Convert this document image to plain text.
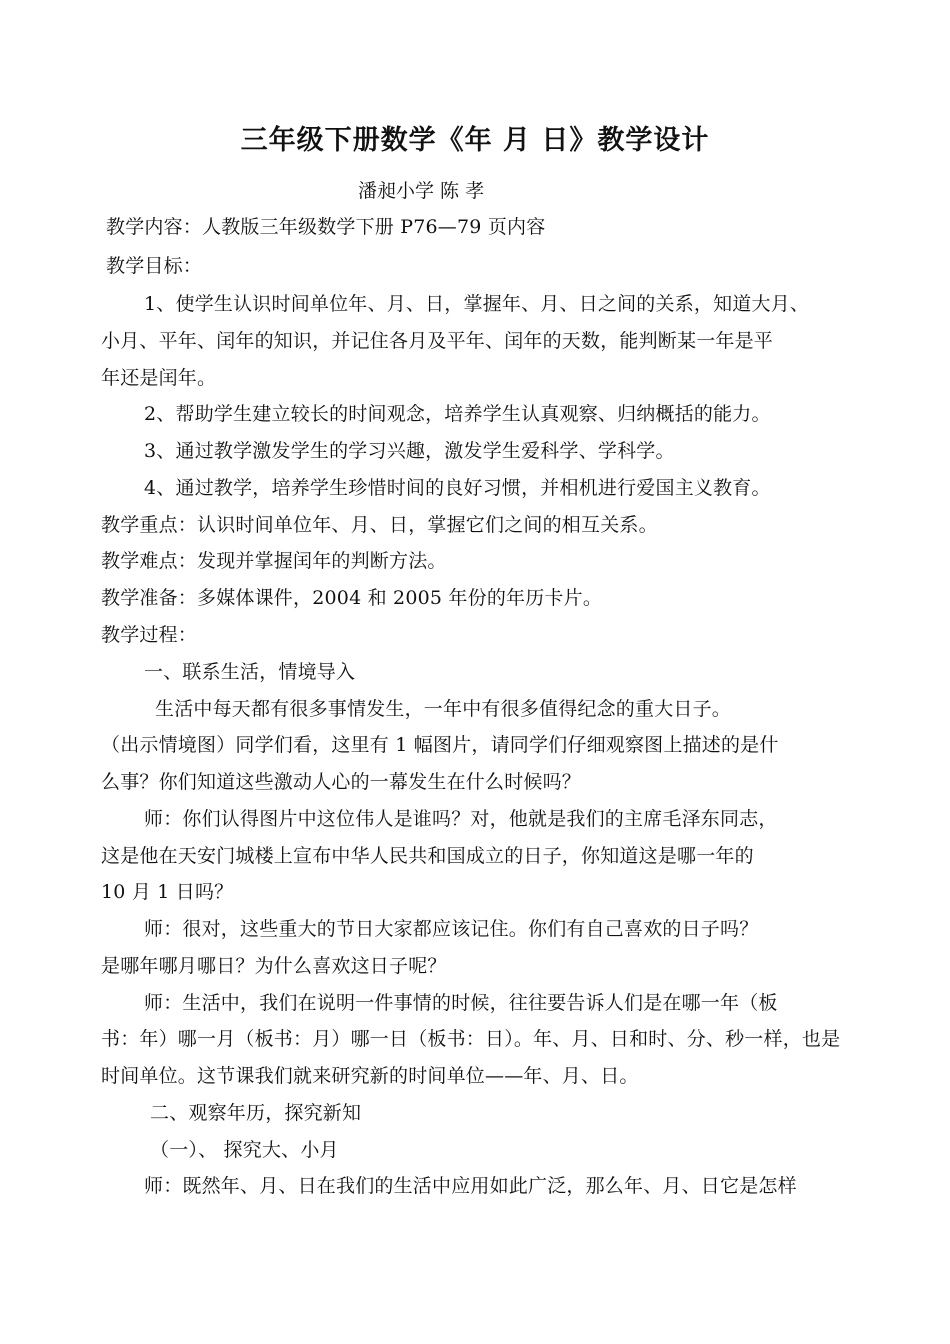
三年级下册数学《年 月 日》教学设计
潘昶小学 陈 孝
教学内容：人教版三年级数学下册 P76—79 页内容
教学目标：
1、使学生认识时间单位年、月、日，掌握年、月、日之间的关系，知道大月、
小月、平年、闰年的知识，并记住各月及平年、闰年的天数，能判断某一年是平
年还是闰年。
2、帮助学生建立较长的时间观念，培养学生认真观察、归纳概括的能力。
3、通过教学激发学生的学习兴趣，激发学生爱科学、学科学。
4、通过教学，培养学生珍惜时间的良好习惯，并相机进行爱国主义教育。
教学重点：认识时间单位年、月、日，掌握它们之间的相互关系。
教学难点：发现并掌握闰年的判断方法。
教学准备：多媒体课件，2004 和 2005 年份的年历卡片。
教学过程：
一、联系生活，情境导入
生活中每天都有很多事情发生，一年中有很多值得纪念的重大日子。
（出示情境图）同学们看，这里有 1 幅图片，请同学们仔细观察图上描述的是什
么事？你们知道这些激动人心的一幕发生在什么时候吗？
师：你们认得图片中这位伟人是谁吗？对，他就是我们的主席毛泽东同志，
这是他在天安门城楼上宣布中华人民共和国成立的日子，你知道这是哪一年的
10 月 1 日吗？
师：很对，这些重大的节日大家都应该记住。你们有自己喜欢的日子吗？
是哪年哪月哪日？为什么喜欢这日子呢？
师：生活中，我们在说明一件事情的时候，往往要告诉人们是在哪一年（板
书：年）哪一月（板书：月）哪一日（板书：日）。年、月、日和时、分、秒一样，也是
时间单位。这节课我们就来研究新的时间单位——年、月、日。
二、观察年历，探究新知
（一）、 探究大、小月
师：既然年、月、日在我们的生活中应用如此广泛，那么年、月、日它是怎样
